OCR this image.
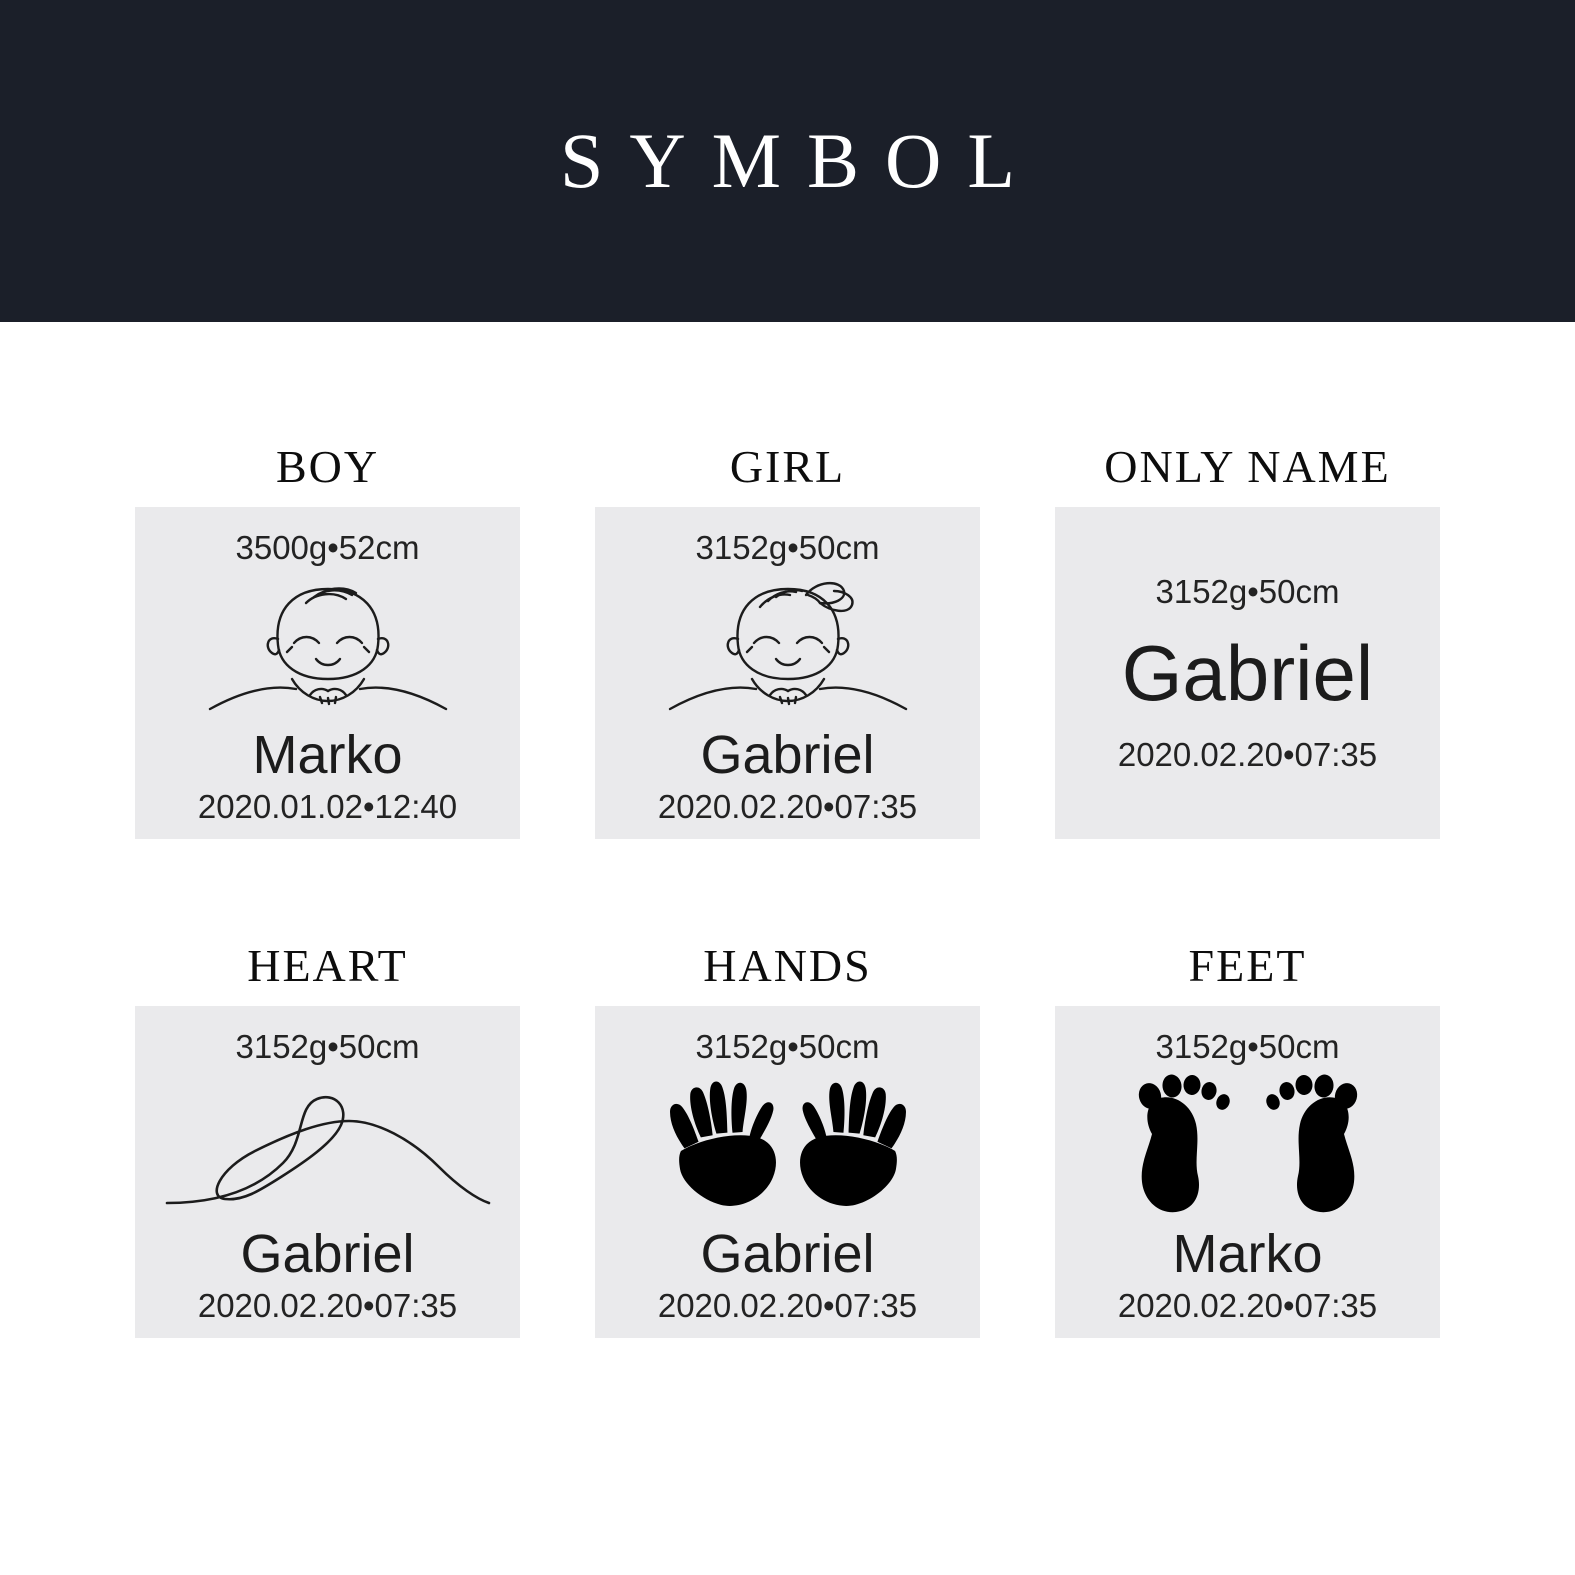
SYMBOL
BOY
3500g•52cm
Marko
2020.01.02•12:40
GIRL
3152g•50cm
Gabriel
2020.02.20•07:35
ONLY NAME
3152g•50cm
Gabriel
2020.02.20•07:35
HEART
3152g•50cm
Gabriel
2020.02.20•07:35
HANDS
3152g•50cm
Gabriel
2020.02.20•07:35
FEET
3152g•50cm
Marko
2020.02.20•07:35
